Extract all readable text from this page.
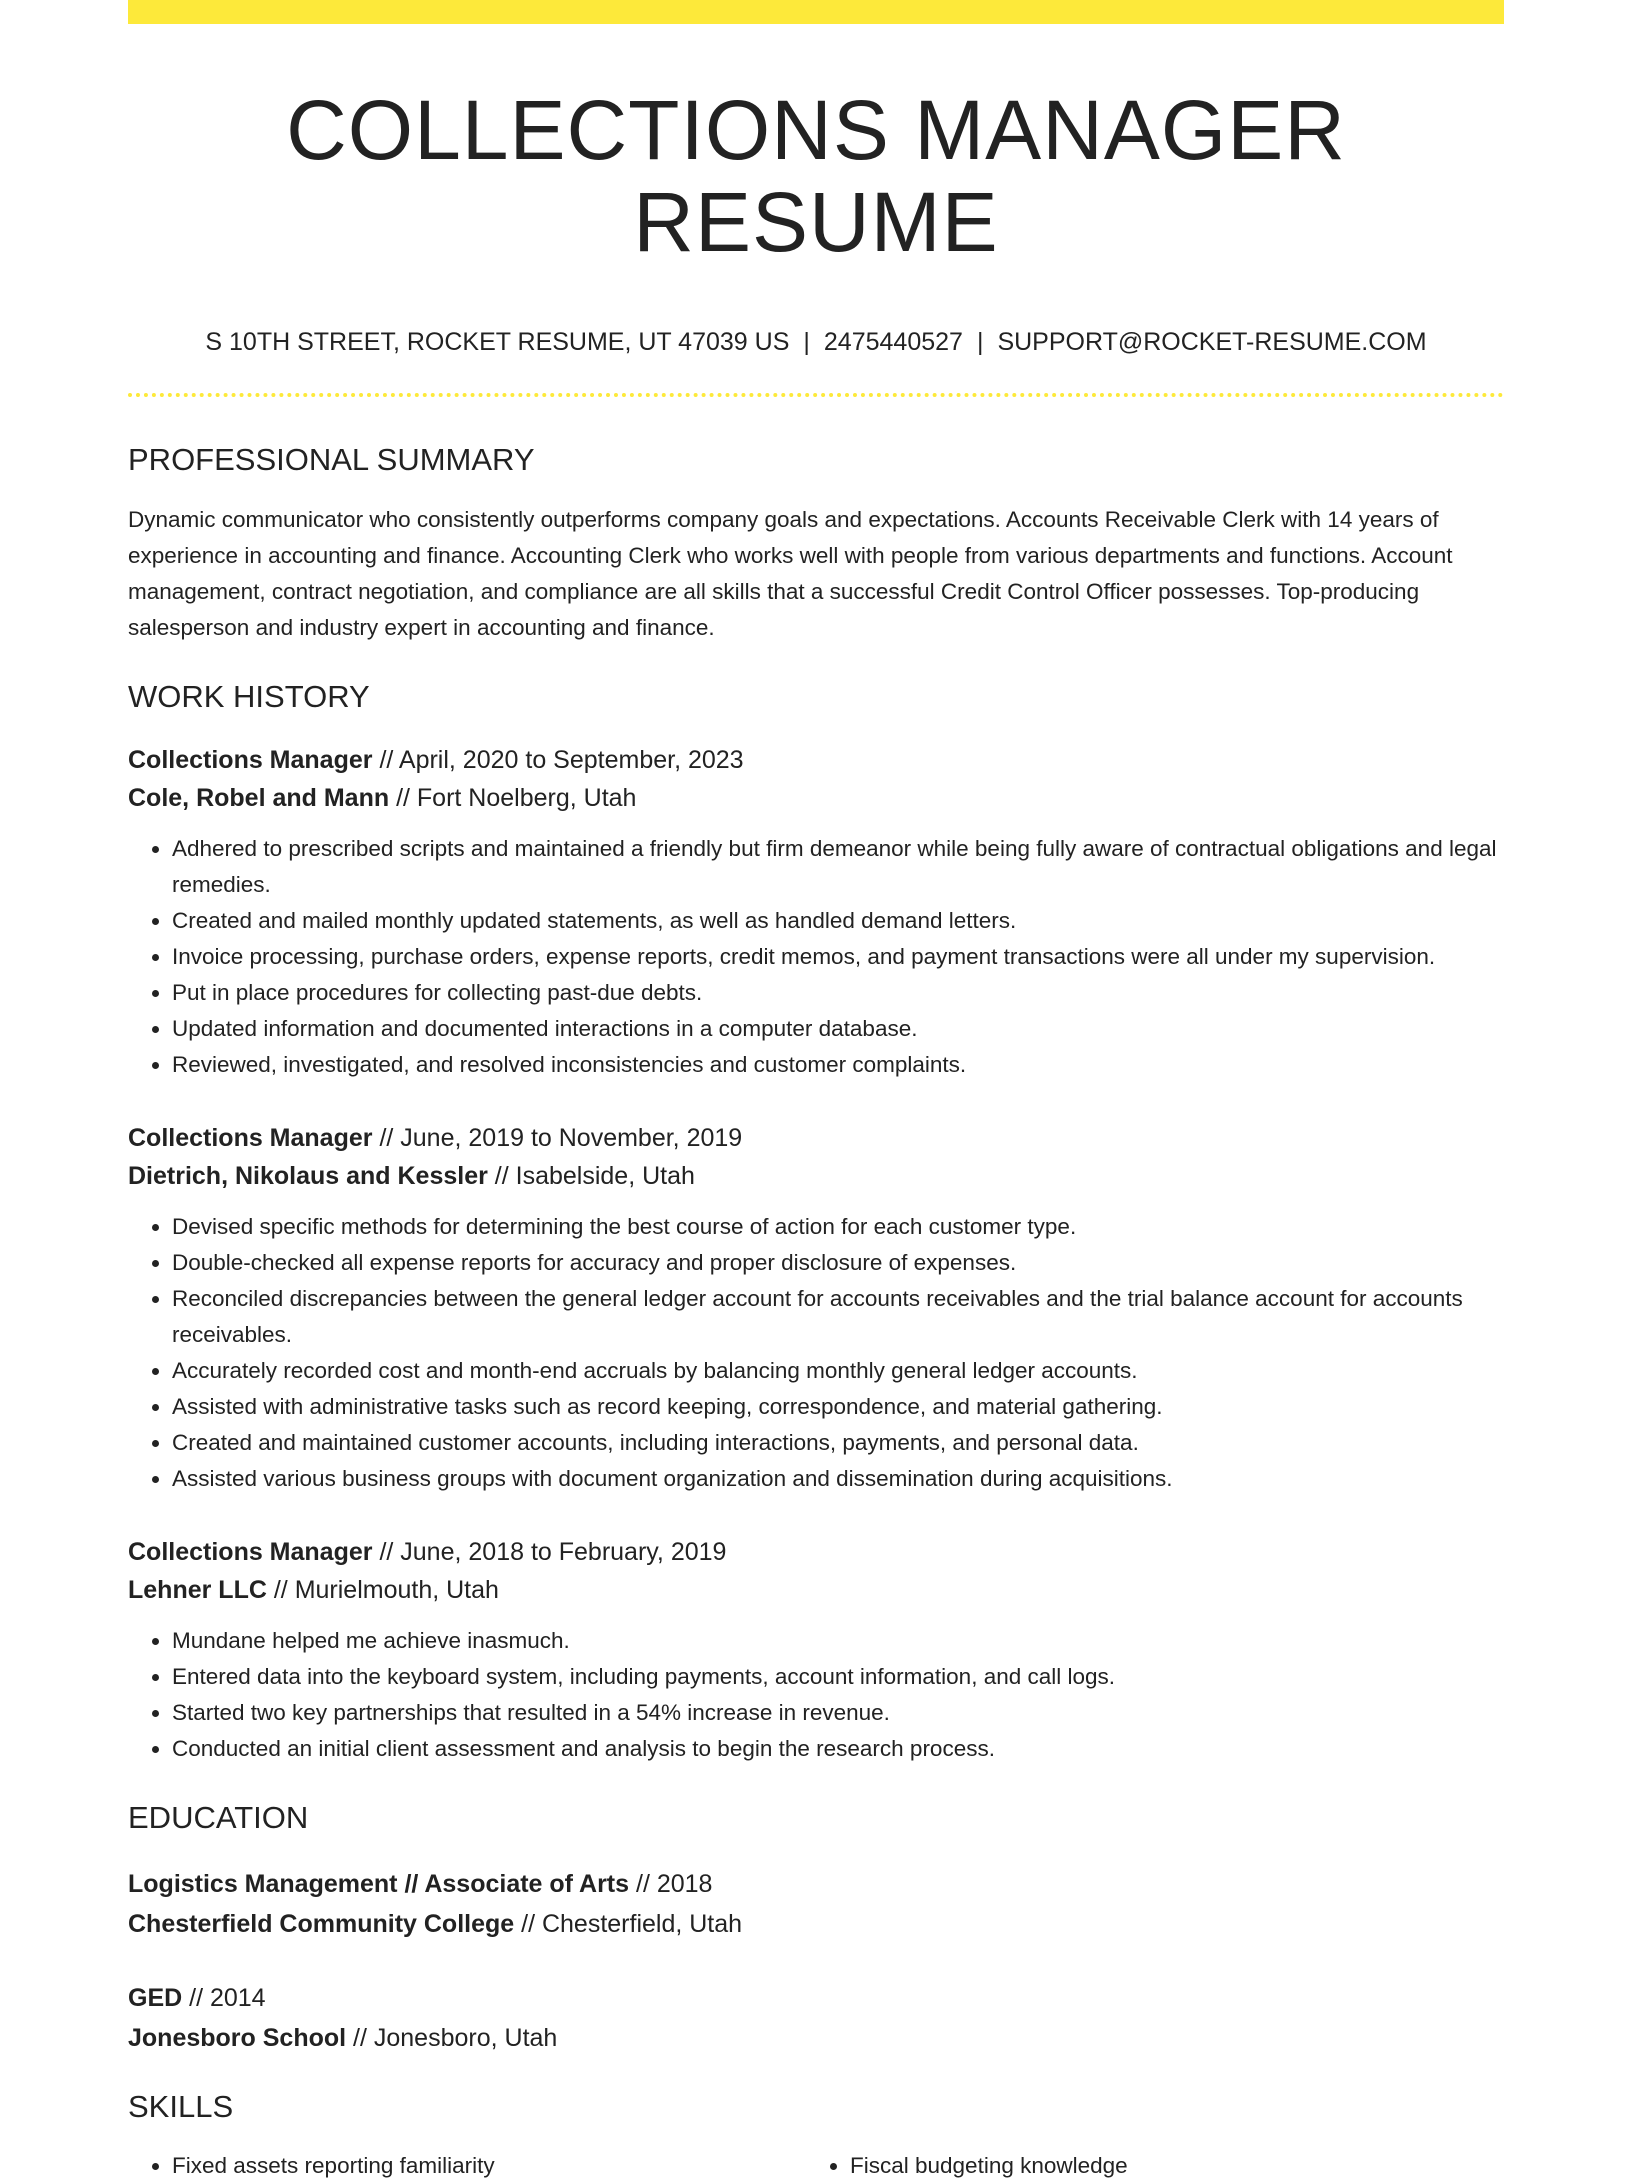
COLLECTIONS MANAGER RESUME
S 10TH STREET, ROCKET RESUME, UT 47039 US | 2475440527 | SUPPORT@ROCKET-RESUME.COM
PROFESSIONAL SUMMARY
Dynamic communicator who consistently outperforms company goals and expectations. Accounts Receivable Clerk with 14 years of experience in accounting and finance. Accounting Clerk who works well with people from various departments and functions. Account management, contract negotiation, and compliance are all skills that a successful Credit Control Officer possesses. Top-producing salesperson and industry expert in accounting and finance.
WORK HISTORY
Collections Manager // April, 2020 to September, 2023
Cole, Robel and Mann // Fort Noelberg, Utah
• Adhered to prescribed scripts and maintained a friendly but firm demeanor while being fully aware of contractual obligations and legal remedies.
• Created and mailed monthly updated statements, as well as handled demand letters.
• Invoice processing, purchase orders, expense reports, credit memos, and payment transactions were all under my supervision.
• Put in place procedures for collecting past-due debts.
• Updated information and documented interactions in a computer database.
• Reviewed, investigated, and resolved inconsistencies and customer complaints.
Collections Manager // June, 2019 to November, 2019
Dietrich, Nikolaus and Kessler // Isabelside, Utah
• Devised specific methods for determining the best course of action for each customer type.
• Double-checked all expense reports for accuracy and proper disclosure of expenses.
• Reconciled discrepancies between the general ledger account for accounts receivables and the trial balance account for accounts receivables.
• Accurately recorded cost and month-end accruals by balancing monthly general ledger accounts.
• Assisted with administrative tasks such as record keeping, correspondence, and material gathering.
• Created and maintained customer accounts, including interactions, payments, and personal data.
• Assisted various business groups with document organization and dissemination during acquisitions.
Collections Manager // June, 2018 to February, 2019
Lehner LLC // Murielmouth, Utah
• Mundane helped me achieve inasmuch.
• Entered data into the keyboard system, including payments, account information, and call logs.
• Started two key partnerships that resulted in a 54% increase in revenue.
• Conducted an initial client assessment and analysis to begin the research process.
EDUCATION
Logistics Management // Associate of Arts // 2018
Chesterfield Community College // Chesterfield, Utah
GED // 2014
Jonesboro School // Jonesboro, Utah
SKILLS
• Fixed assets reporting familiarity
•	Fiscal budgeting knowledge
